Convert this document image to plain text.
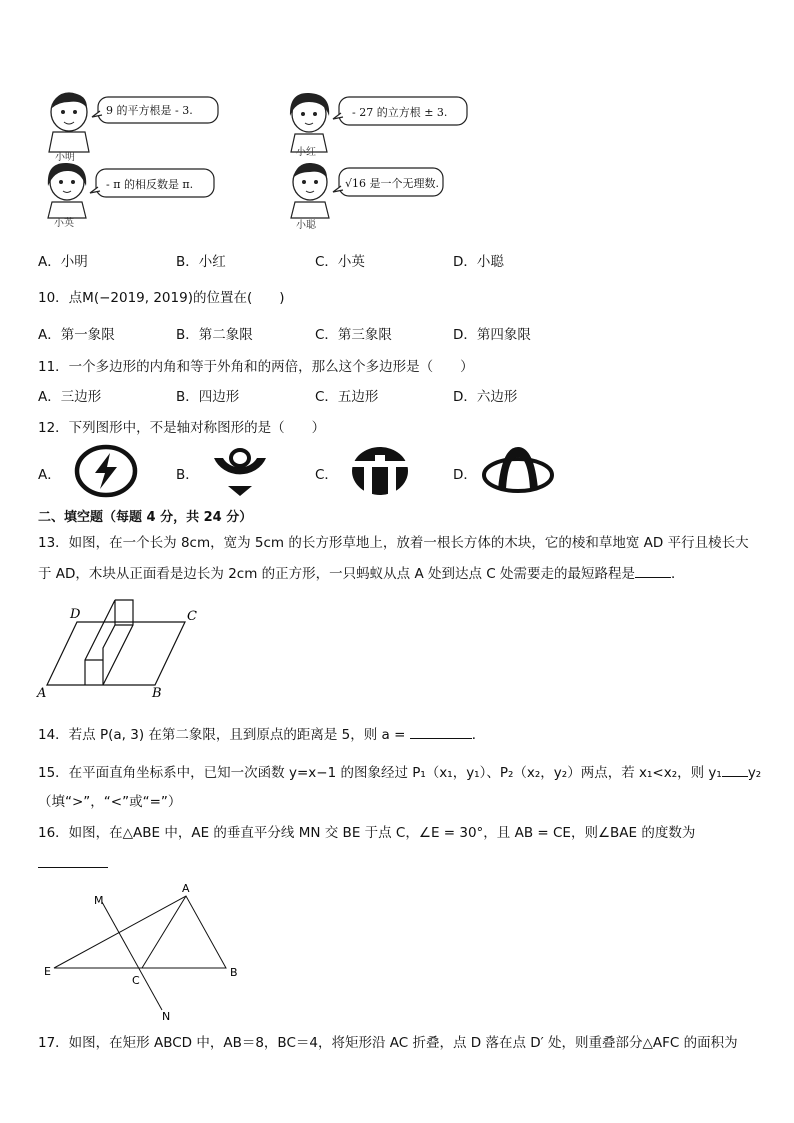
小明
9 的平方根是 - 3.
小红
- 27 的立方根 ± 3.
小英
- π 的相反数是 π.
小聪
√16 是一个无理数.
A．小明	B．小红	C．小英	D．小聪
10．点M(−2019, 2019)的位置在(　　)
A．第一象限	B．第二象限	C．第三象限	D．第四象限
11．一个多边形的内角和等于外角和的两倍，那么这个多边形是（　　）
A．三边形	B．四边形	C．五边形	D．六边形
12．下列图形中，不是轴对称图形的是（　　）
A．	B．	C．	D．
二、填空题（每题 4 分，共 24 分）
13．如图，在一个长为 8cm，宽为 5cm 的长方形草地上，放着一根长方体的木块，它的棱和草地宽 AD 平行且棱长大
于 AD，木块从正面看是边长为 2cm 的正方形，一只蚂蚁从点 A 处到达点 C 处需要走的最短路程是	．
D	C
A	B
14．若点 P(a, 3) 在第二象限，且到原点的距离是 5，则 a =	．
15．在平面直角坐标系中，已知一次函数 y=x−1 的图象经过 P₁（x₁，y₁）、P₂（x₂，y₂）两点，若 x₁<x₂，则 y₁ y₂
（填“>”，“<”或“=”）
16．如图，在△ABE 中，AE 的垂直平分线 MN 交 BE 于点 C，∠E = 30°，且 AB = CE，则∠BAE 的度数为
A
M
E
C
B
N
17．如图，在矩形 ABCD 中，AB＝8，BC＝4，将矩形沿 AC 折叠，点 D 落在点 D′ 处，则重叠部分△AFC 的面积为
